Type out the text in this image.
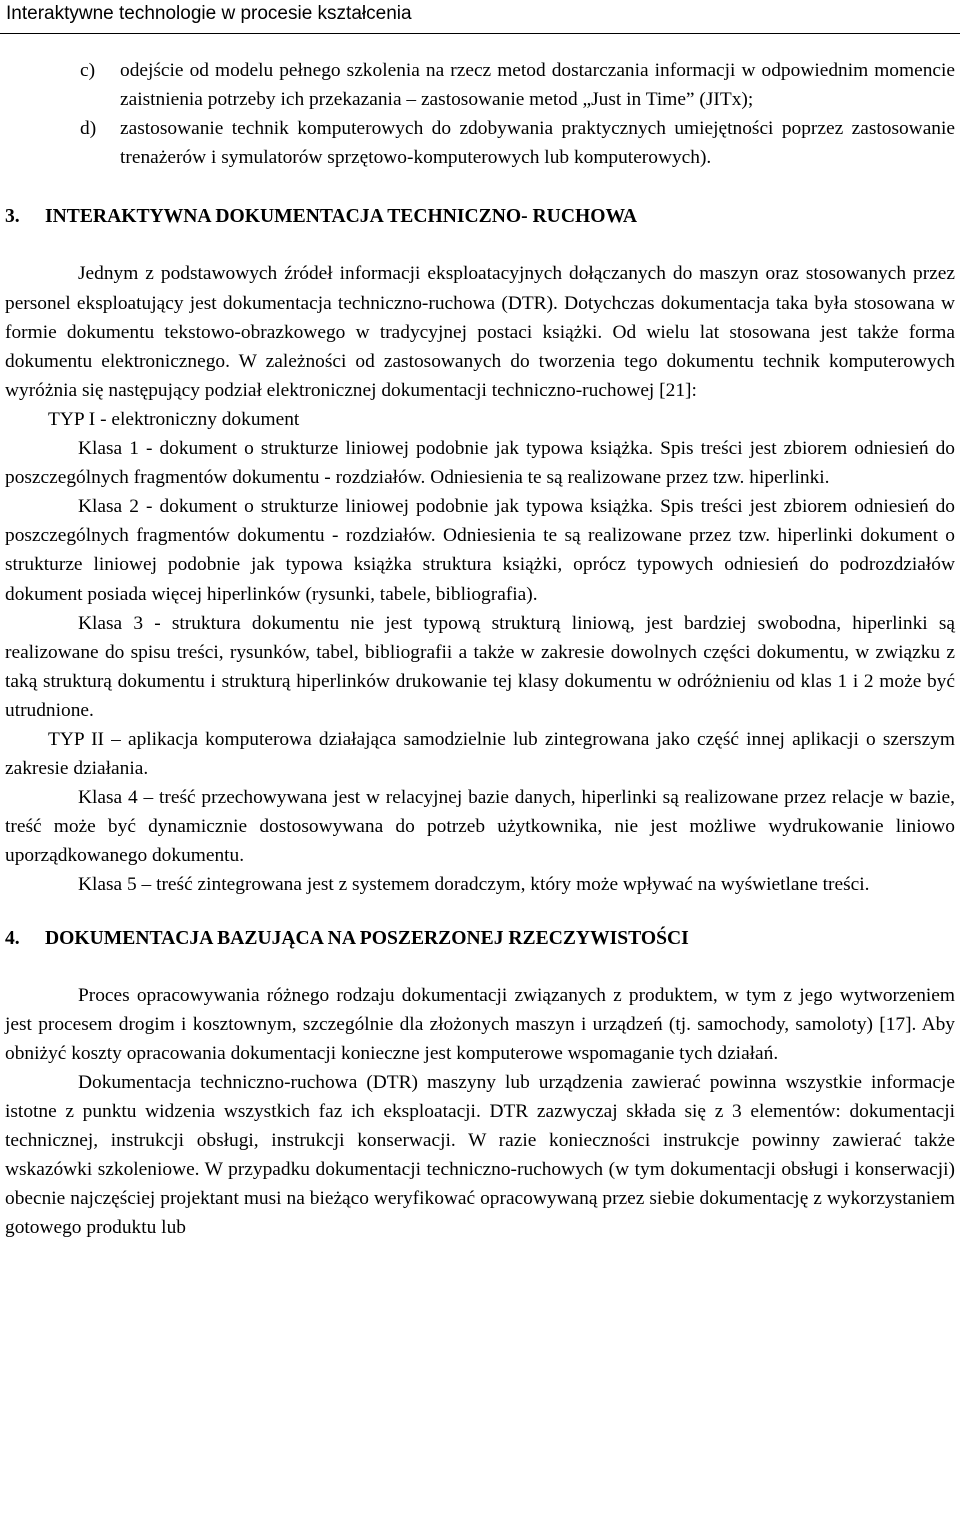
Interaktywne technologie w procesie kształcenia
c) odejście od modelu pełnego szkolenia na rzecz metod dostarczania informacji w odpowiednim momencie zaistnienia potrzeby ich przekazania – zastosowanie metod „Just in Time” (JITx);
d) zastosowanie technik komputerowych do zdobywania praktycznych umiejętności poprzez zastosowanie trenażerów i symulatorów sprzętowo-komputerowych lub komputerowych).

3. INTERAKTYWNA DOKUMENTACJA TECHNICZNO- RUCHOWA

Jednym z podstawowych źródeł informacji eksploatacyjnych dołączanych do maszyn oraz stosowanych przez personel eksploatujący jest dokumentacja techniczno-ruchowa (DTR). Dotychczas dokumentacja taka była stosowana w formie dokumentu tekstowo-obrazkowego w tradycyjnej postaci książki. Od wielu lat stosowana jest także forma dokumentu elektronicznego. W zależności od zastosowanych do tworzenia tego dokumentu technik komputerowych wyróżnia się następujący podział elektronicznej dokumentacji techniczno-ruchowej [21]:

TYP I - elektroniczny dokument

Klasa 1 - dokument o strukturze liniowej podobnie jak typowa książka. Spis treści jest zbiorem odniesień do poszczególnych fragmentów dokumentu - rozdziałów. Odniesienia te są realizowane przez tzw. hiperlinki.

Klasa 2 - dokument o strukturze liniowej podobnie jak typowa książka. Spis treści jest zbiorem odniesień do poszczególnych fragmentów dokumentu - rozdziałów. Odniesienia te są realizowane przez tzw. hiperlinki dokument o strukturze liniowej podobnie jak typowa książka struktura książki, oprócz typowych odniesień do podrozdziałów dokument posiada więcej hiperlinków (rysunki, tabele, bibliografia).

Klasa 3 - struktura dokumentu nie jest typową strukturą liniową, jest bardziej swobodna, hiperlinki są realizowane do spisu treści, rysunków, tabel, bibliografii a także w zakresie dowolnych części dokumentu, w związku z taką strukturą dokumentu i strukturą hiperlinków drukowanie tej klasy dokumentu w odróżnieniu od klas 1 i 2 może być utrudnione.

TYP II – aplikacja komputerowa działająca samodzielnie lub zintegrowana jako część innej aplikacji o szerszym zakresie działania.

Klasa 4 – treść przechowywana jest w relacyjnej bazie danych, hiperlinki są realizowane przez relacje w bazie, treść może być dynamicznie dostosowywana do potrzeb użytkownika, nie jest możliwe wydrukowanie liniowo uporządkowanego dokumentu.

Klasa 5 – treść zintegrowana jest z systemem doradczym, który może wpływać na wyświetlane treści.

4. DOKUMENTACJA BAZUJĄCA NA POSZERZONEJ RZECZYWISTOŚCI

Proces opracowywania różnego rodzaju dokumentacji związanych z produktem, w tym z jego wytworzeniem jest procesem drogim i kosztownym, szczególnie dla złożonych maszyn i urządzeń (tj. samochody, samoloty) [17]. Aby obniżyć koszty opracowania dokumentacji konieczne jest komputerowe wspomaganie tych działań.

Dokumentacja techniczno-ruchowa (DTR) maszyny lub urządzenia zawierać powinna wszystkie informacje istotne z punktu widzenia wszystkich faz ich eksploatacji. DTR zazwyczaj składa się z 3 elementów: dokumentacji technicznej, instrukcji obsługi, instrukcji konserwacji. W razie konieczności instrukcje powinny zawierać także wskazówki szkoleniowe. W przypadku dokumentacji techniczno-ruchowych (w tym dokumentacji obsługi i konserwacji) obecnie najczęściej projektant musi na bieżąco weryfikować opracowywaną przez siebie dokumentację z wykorzystaniem gotowego produktu lub
